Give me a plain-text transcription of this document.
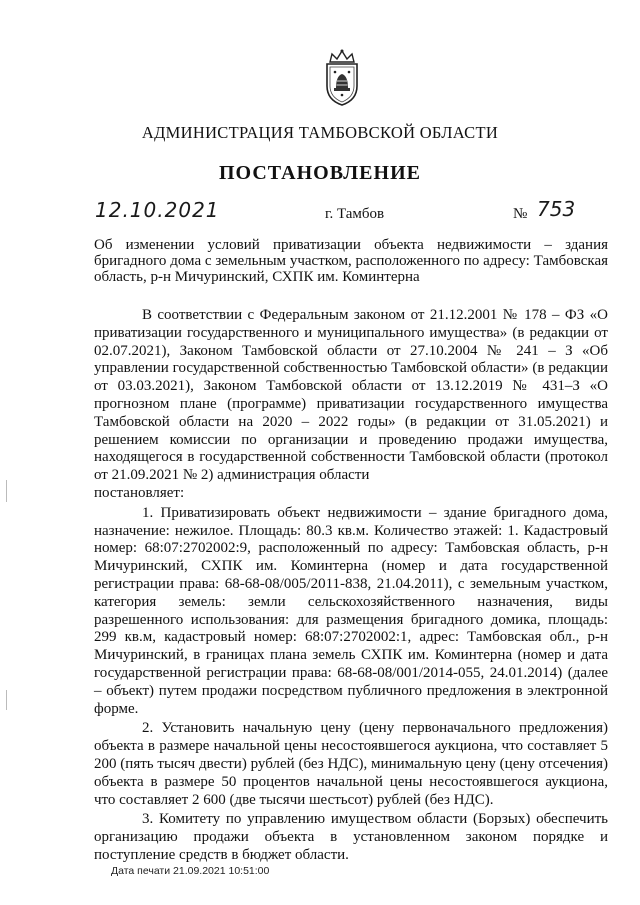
АДМИНИСТРАЦИЯ ТАМБОВСКОЙ ОБЛАСТИ
ПОСТАНОВЛЕНИЕ
12.10.2021	г. Тамбов	№ 753
Об изменении условий приватизации объекта недвижимости – здания бригадного дома с земельным участком, расположенного по адресу: Тамбовская область, р-н Мичуринский, СХПК им. Коминтерна

В соответствии с Федеральным законом от 21.12.2001 № 178 – ФЗ «О приватизации государственного и муниципального имущества» (в редакции от 02.07.2021), Законом Тамбовской области от 27.10.2004 № 241 – З «Об управлении государственной собственностью Тамбовской области» (в редакции от 03.03.2021), Законом Тамбовской области от 13.12.2019 № 431–З «О прогнозном плане (программе) приватизации государственного имущества Тамбовской области на 2020 – 2022 годы» (в редакции от 31.05.2021) и решением комиссии по организации и проведению продажи имущества, находящегося в государственной собственности Тамбовской области (протокол от 21.09.2021 № 2) администрация области

постановляет:

1. Приватизировать объект недвижимости – здание бригадного дома, назначение: нежилое. Площадь: 80.3 кв.м. Количество этажей: 1. Кадастровый номер: 68:07:2702002:9, расположенный по адресу: Тамбовская область, р-н Мичуринский, СХПК им. Коминтерна (номер и дата государственной регистрации права: 68-68-08/005/2011-838, 21.04.2011), с земельным участком, категория земель: земли сельскохозяйственного назначения, виды разрешенного использования: для размещения бригадного домика, площадь: 299 кв.м, кадастровый номер: 68:07:2702002:1, адрес: Тамбовская обл., р-н Мичуринский, в границах плана земель СХПК им. Коминтерна (номер и дата государственной регистрации права: 68-68-08/001/2014-055, 24.01.2014) (далее – объект) путем продажи посредством публичного предложения в электронной форме.

2. Установить начальную цену (цену первоначального предложения) объекта в размере начальной цены несостоявшегося аукциона, что составляет 5 200 (пять тысяч двести) рублей (без НДС), минимальную цену (цену отсечения) объекта в размере 50 процентов начальной цены несостоявшегося аукциона, что составляет 2 600 (две тысячи шестьсот) рублей (без НДС).

3. Комитету по управлению имуществом области (Борзых) обеспечить организацию продажи объекта в установленном законом порядке и поступление средств в бюджет области.

Дата печати 21.09.2021 10:51:00
